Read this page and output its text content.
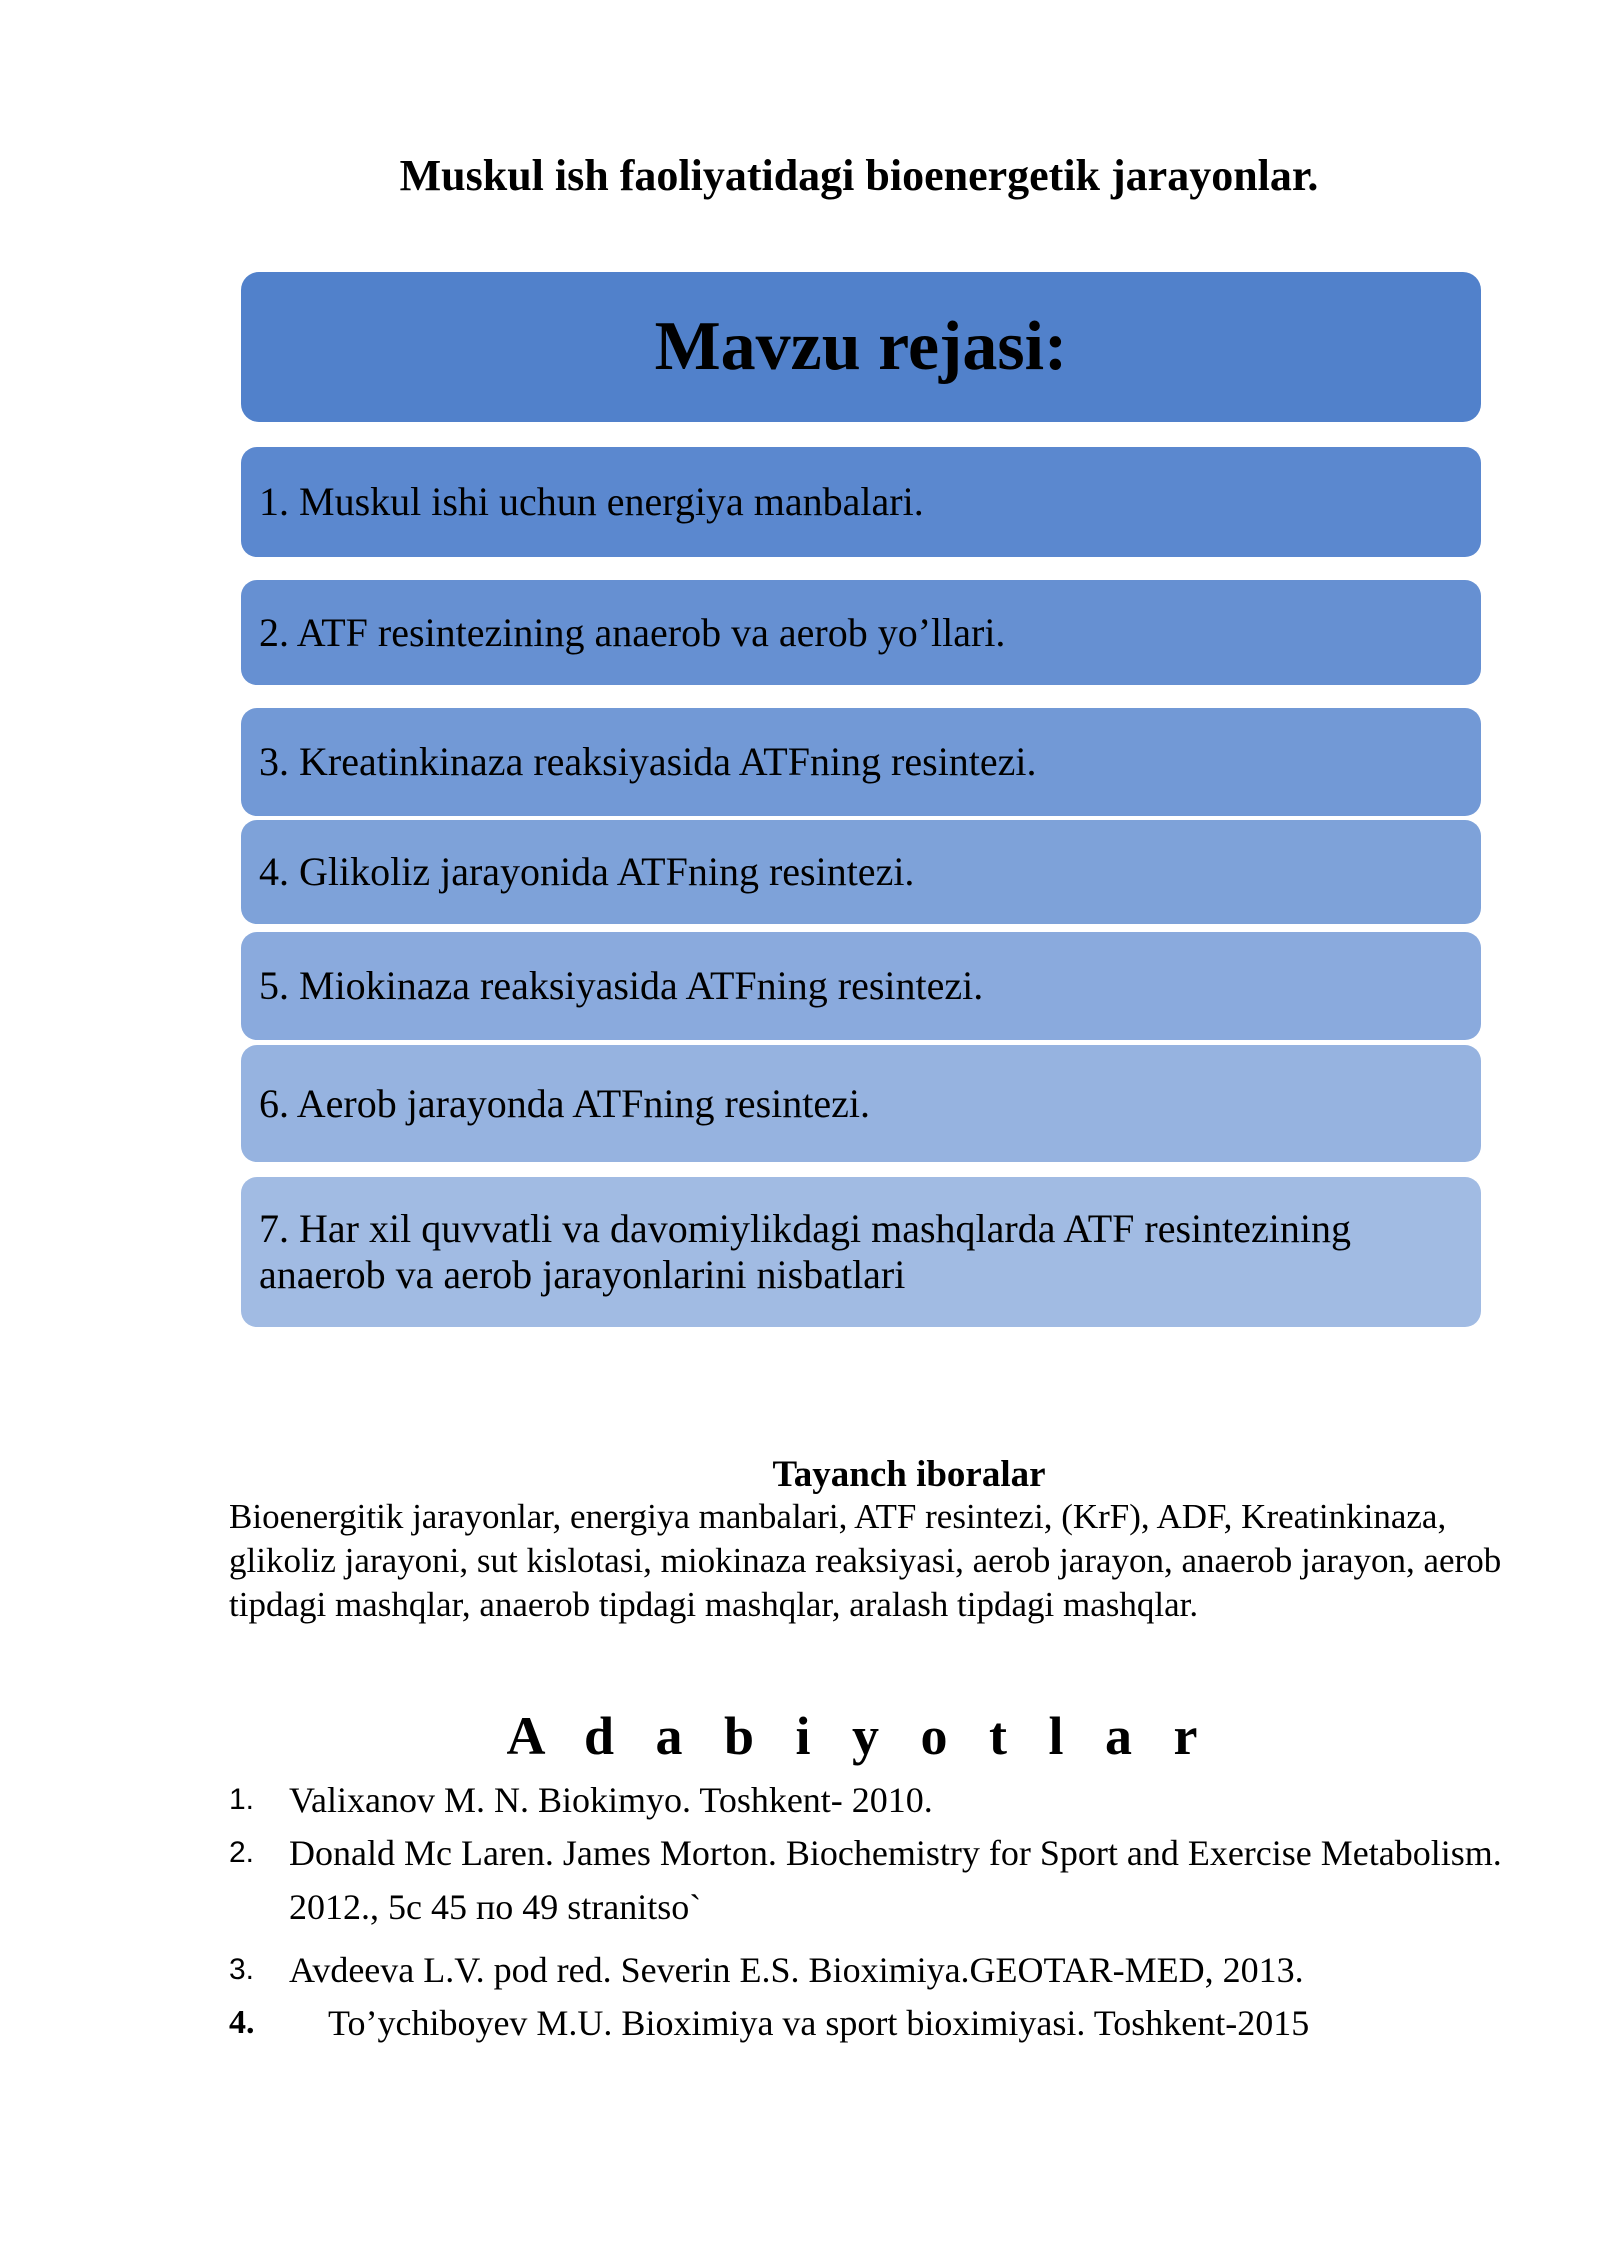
Muskul ish faoliyatidagi bioenergetik jarayonlar.
Mavzu rejasi:
1. Muskul ishi uchun energiya manbalari.
2. ATF resintezining anaerob va aerob yo’llari.
3. Kreatinkinaza reaksiyasida ATFning resintezi.
4. Glikoliz jarayonida ATFning resintezi.
5. Miokinaza reaksiyasida ATFning resintezi.
6. Aerob jarayonda ATFning resintezi.
7. Har xil quvvatli va davomiylikdagi mashqlarda ATF resintezining anaerob va aerob jarayonlarini nisbatlari
Tayanch iboralar
Bioenergitik jarayonlar, energiya manbalari, ATF resintezi, (KrF), ADF, Kreatinkinaza, glikoliz jarayoni, sut kislotasi, miokinaza reaksiyasi, aerob jarayon, anaerob jarayon, aerob tipdagi mashqlar, anaerob tipdagi mashqlar, aralash tipdagi mashqlar.
A d a b i y o t l a r
1. Valixanov M. N. Biokimyo. Toshkent- 2010.
2. Donald Mc Laren. James Morton. Biochemistry for Sport and Exercise Metabolism. 2012., 5c 45 по 49 stranitso`
3. Avdeeva L.V. pod red. Severin E.S. Bioximiya.GEOTAR-MED, 2013.
4. To’ychiboyev M.U. Bioximiya va sport bioximiyasi. Toshkent-2015
